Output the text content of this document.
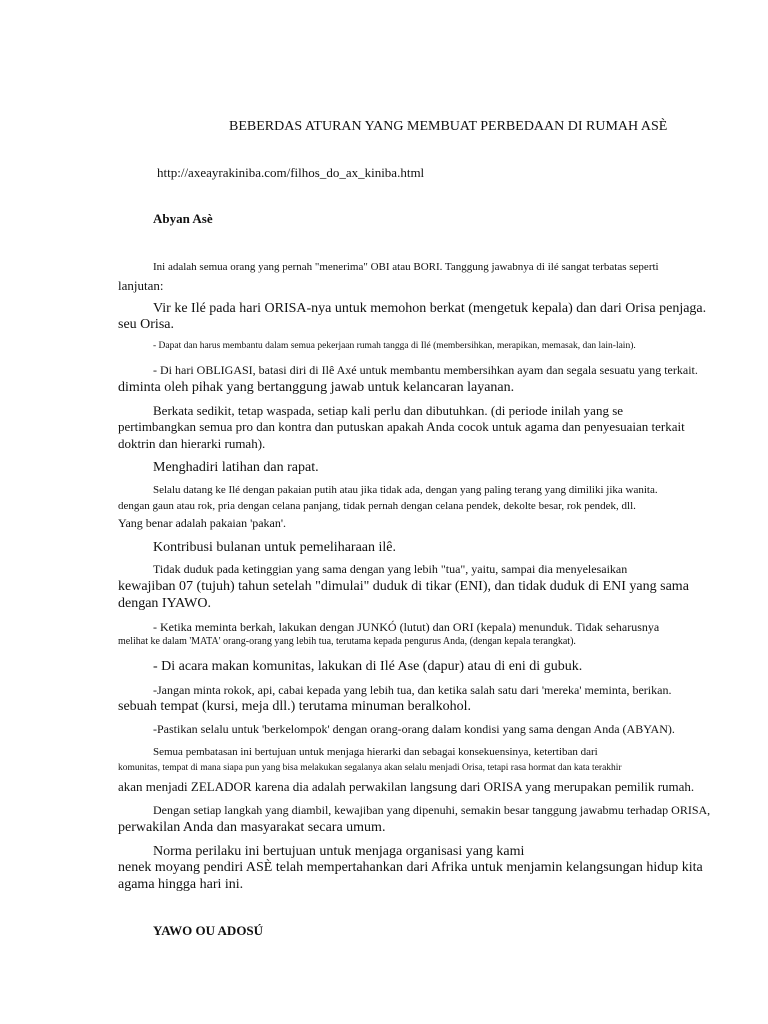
BEBERDAS ATURAN YANG MEMBUAT PERBEDAAN DI RUMAH ASÈ
http://axeayrakiniba.com/filhos_do_ax_kiniba.html
Abyan Asè
Ini adalah semua orang yang pernah "menerima" OBI atau BORI. Tanggung jawabnya di ilé sangat terbatas seperti
lanjutan:
Vir ke Ilé pada hari ORISA-nya untuk memohon berkat (mengetuk kepala) dan dari Orisa penjaga.
seu Orisa.
- Dapat dan harus membantu dalam semua pekerjaan rumah tangga di Ilé (membersihkan, merapikan, memasak, dan lain-lain).
- Di hari OBLIGASI, batasi diri di Ilê Axé untuk membantu membersihkan ayam dan segala sesuatu yang terkait.
diminta oleh pihak yang bertanggung jawab untuk kelancaran layanan.
Berkata sedikit, tetap waspada, setiap kali perlu dan dibutuhkan. (di periode inilah yang se
pertimbangkan semua pro dan kontra dan putuskan apakah Anda cocok untuk agama dan penyesuaian terkait
doktrin dan hierarki rumah).
Menghadiri latihan dan rapat.
Selalu datang ke Ilé dengan pakaian putih atau jika tidak ada, dengan yang paling terang yang dimiliki jika wanita.
dengan gaun atau rok, pria dengan celana panjang, tidak pernah dengan celana pendek, dekolte besar, rok pendek, dll.
Yang benar adalah pakaian 'pakan'.
Kontribusi bulanan untuk pemeliharaan ilê.
Tidak duduk pada ketinggian yang sama dengan yang lebih "tua", yaitu, sampai dia menyelesaikan
kewajiban 07 (tujuh) tahun setelah "dimulai" duduk di tikar (ENI), dan tidak duduk di ENI yang sama
dengan IYAWO.
- Ketika meminta berkah, lakukan dengan JUNKÓ (lutut) dan ORI (kepala) menunduk. Tidak seharusnya
melihat ke dalam 'MATA' orang-orang yang lebih tua, terutama kepada pengurus Anda, (dengan kepala terangkat).
- Di acara makan komunitas, lakukan di Ilé Ase (dapur) atau di eni di gubuk.
-Jangan minta rokok, api, cabai kepada yang lebih tua, dan ketika salah satu dari 'mereka' meminta, berikan.
sebuah tempat (kursi, meja dll.) terutama minuman beralkohol.
-Pastikan selalu untuk 'berkelompok' dengan orang-orang dalam kondisi yang sama dengan Anda (ABYAN).
Semua pembatasan ini bertujuan untuk menjaga hierarki dan sebagai konsekuensinya, ketertiban dari
komunitas, tempat di mana siapa pun yang bisa melakukan segalanya akan selalu menjadi Orisa, tetapi rasa hormat dan kata terakhir
akan menjadi ZELADOR karena dia adalah perwakilan langsung dari ORISA yang merupakan pemilik rumah.
Dengan setiap langkah yang diambil, kewajiban yang dipenuhi, semakin besar tanggung jawabmu terhadap ORISA,
perwakilan Anda dan masyarakat secara umum.
Norma perilaku ini bertujuan untuk menjaga organisasi yang kami
nenek moyang pendiri ASÈ telah mempertahankan dari Afrika untuk menjamin kelangsungan hidup kita
agama hingga hari ini.
YAWO OU ADOSÚ
